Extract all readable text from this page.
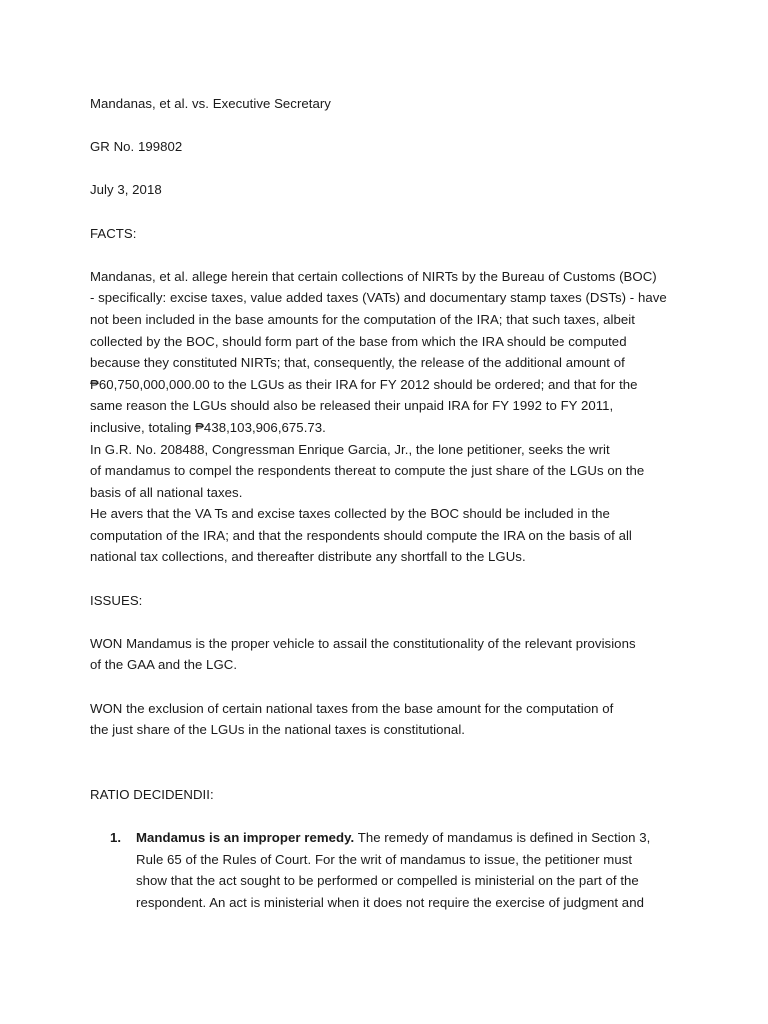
Mandanas, et al. vs. Executive Secretary
GR No. 199802
July 3, 2018
FACTS:
Mandanas, et al. allege herein that certain collections of NIRTs by the Bureau of Customs (BOC)
- specifically: excise taxes, value added taxes (VATs) and documentary stamp taxes (DSTs) - have
not been included in the base amounts for the computation of the IRA; that such taxes, albeit
collected by the BOC, should form part of the base from which the IRA should be computed
because they constituted NIRTs; that, consequently, the release of the additional amount of
₱60,750,000,000.00 to the LGUs as their IRA for FY 2012 should be ordered; and that for the
same reason the LGUs should also be released their unpaid IRA for FY 1992 to FY 2011,
inclusive, totaling ₱438,103,906,675.73.
In G.R. No. 208488, Congressman Enrique Garcia, Jr., the lone petitioner, seeks the writ
of mandamus to compel the respondents thereat to compute the just share of the LGUs on the
basis of all national taxes.
He avers that the VA Ts and excise taxes collected by the BOC should be included in the
computation of the IRA; and that the respondents should compute the IRA on the basis of all
national tax collections, and thereafter distribute any shortfall to the LGUs.
ISSUES:
WON Mandamus is the proper vehicle to assail the constitutionality of the relevant provisions
of the GAA and the LGC.
WON the exclusion of certain national taxes from the base amount for the computation of
the just share of the LGUs in the national taxes is constitutional.
RATIO DECIDENDII:
1. Mandamus is an improper remedy. The remedy of mandamus is defined in Section 3,
Rule 65 of the Rules of Court. For the writ of mandamus to issue, the petitioner must
show that the act sought to be performed or compelled is ministerial on the part of the
respondent. An act is ministerial when it does not require the exercise of judgment and
